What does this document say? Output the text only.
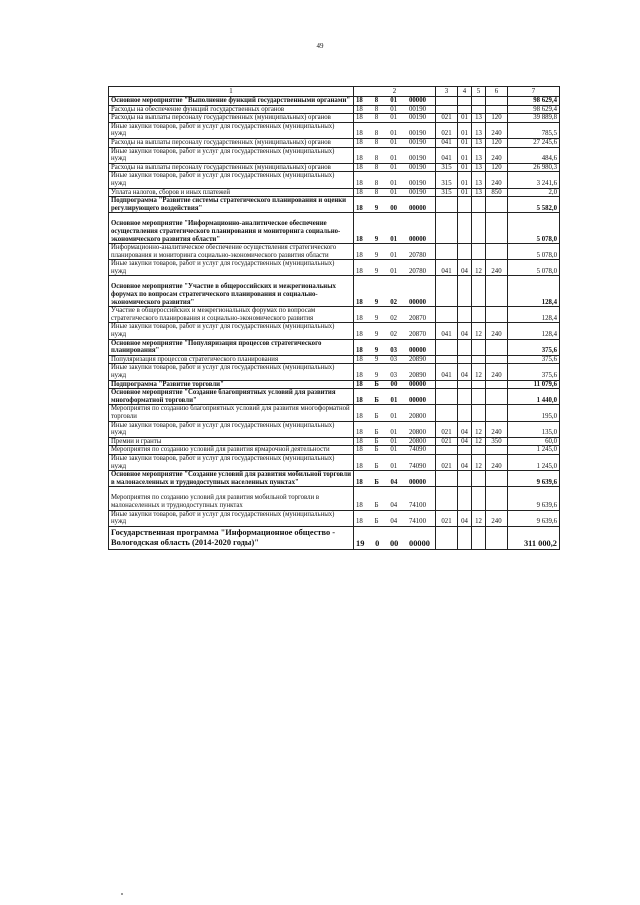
49
1	2	3	4	5	6	7
Основное мероприятие "Выполнение функций государственными органами"	18 8 01 00000					98 629,4
Расходы на обеспечение функций государственных органов	18 8 01 00190					98 629,4
Расходы на выплаты персоналу государственных (муниципальных) органов	18 8 01 00190	021	01	13	120	39 889,8
Иные закупки товаров, работ и услуг для государственных (муниципальных) нужд	18 8 01 00190	021	01	13	240	785,5
Расходы на выплаты персоналу государственных (муниципальных) органов	18 8 01 00190	041	01	13	120	27 245,6
Иные закупки товаров, работ и услуг для государственных (муниципальных) нужд	18 8 01 00190	041	01	13	240	484,6
Расходы на выплаты персоналу государственных (муниципальных) органов	18 8 01 00190	315	01	13	120	26 980,3
Иные закупки товаров, работ и услуг для государственных (муниципальных) нужд	18 8 01 00190	315	01	13	240	3 241,6
Уплата налогов, сборов и иных платежей	18 8 01 00190	315	01	13	850	2,0
Подпрограмма "Развитие системы стратегического планирования и оценки регулирующего воздействия"	18 9 00 00000					5 582,0

Основное мероприятие "Информационно-аналитическое обеспечение осуществления стратегического планирования и мониторинга социально-экономического развития области"	18 9 01 00000					5 078,0
Информационно-аналитическое обеспечение осуществления стратегического планирования и мониторинга социально-экономического развития области	18 9 01 20780					5 078,0
Иные закупки товаров, работ и услуг для государственных (муниципальных) нужд	18 9 01 20780	041	04	12	240	5 078,0

Основное мероприятие "Участие в общероссийских и межрегиональных форумах по вопросам стратегического планирования и социально-экономического развития"	18 9 02 00000					128,4
Участие в общероссийских и межрегиональных форумах по вопросам стратегического планирования и социально-экономического развития	18 9 02 20870					128,4
Иные закупки товаров, работ и услуг для государственных (муниципальных) нужд	18 9 02 20870	041	04	12	240	128,4
Основное мероприятие "Популяризация процессов стратегического планирования"	18 9 03 00000					375,6
Популяризация процессов стратегического планирования	18 9 03 20890					375,6
Иные закупки товаров, работ и услуг для государственных (муниципальных) нужд	18 9 03 20890	041	04	12	240	375,6
Подпрограмма "Развитие торговли"	18 Б 00 00000					11 079,6
Основное мероприятие "Создание благоприятных условий для развития многоформатной торговли"	18 Б 01 00000					1 440,0
Мероприятия по созданию благоприятных условий для развития многоформатной торговли	18 Б 01 20800					195,0
Иные закупки товаров, работ и услуг для государственных (муниципальных) нужд	18 Б 01 20800	021	04	12	240	135,0
Премии и гранты	18 Б 01 20800	021	04	12	350	60,0
Мероприятия по созданию условий для развития ярмарочной деятельности	18 Б 01 74090					1 245,0
Иные закупки товаров, работ и услуг для государственных (муниципальных) нужд	18 Б 01 74090	021	04	12	240	1 245,0
Основное мероприятие "Создание условий для развития мобильной торговли в малонаселенных и труднодоступных населенных пунктах"	18 Б 04 00000					9 639,6

Мероприятия по созданию условий для развития мобильной торговли в малонаселенных и труднодоступных пунктах	18 Б 04 74100					9 639,6
Иные закупки товаров, работ и услуг для государственных (муниципальных) нужд	18 Б 04 74100	021	04	12	240	9 639,6
Государственная программа "Информационное общество - Вологодская область (2014-2020 годы)"	19 0 00 00000					311 000,2
